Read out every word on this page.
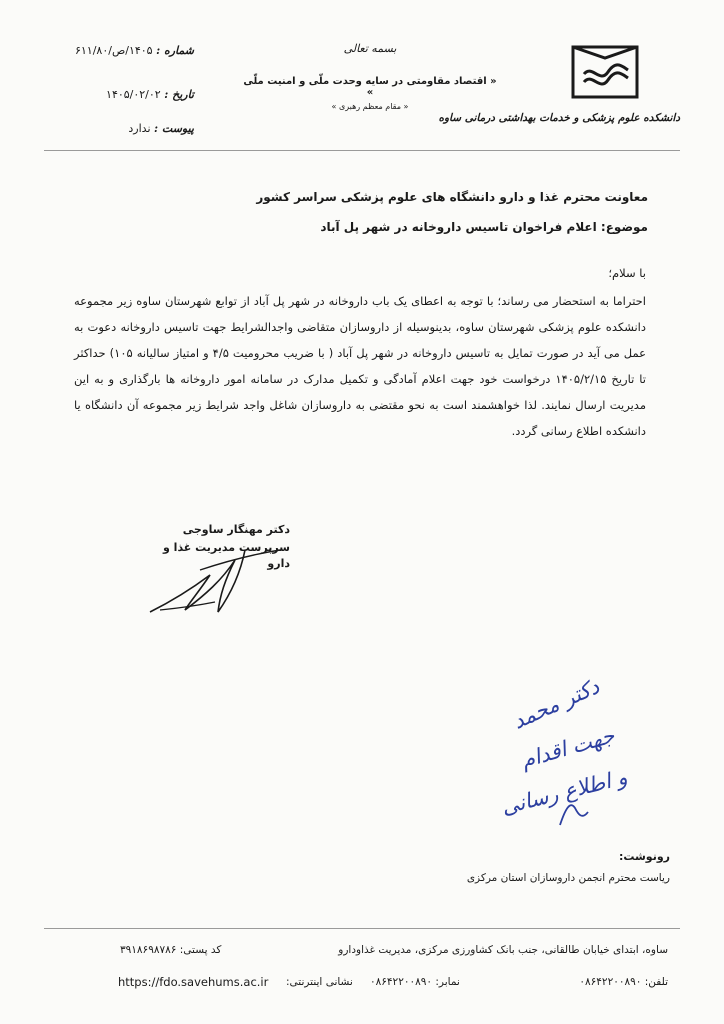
دانشکده علوم پزشکی و خدمات بهداشتی درمانی ساوه
بسمه تعالی
« اقتصاد مقاومتی در سایه وحدت ملّی و امنیت ملّی »
« مقام معظم رهبری »
شماره : ۱۴۰۵/ص/۶۱۱/۸۰
تاریخ : ۱۴۰۵/۰۲/۰۲
پیوست : ندارد
معاونت محترم غذا و دارو دانشگاه های علوم پزشکی سراسر کشور
موضوع: اعلام فراخوان تاسیس داروخانه در شهر پل آباد
با سلام؛
احتراما به استحضار می رساند؛ با توجه به اعطای یک باب داروخانه در شهر پل آباد از توابع شهرستان ساوه زیر مجموعه دانشکده علوم پزشکی شهرستان ساوه، بدینوسیله از داروسازان متقاضی واجدالشرایط جهت تاسیس داروخانه دعوت به عمل می آید در صورت تمایل به تاسیس داروخانه در شهر پل آباد ( با ضریب محرومیت ۴/۵ و امتیاز سالیانه ۱۰۵) حداکثر تا تاریخ ۱۴۰۵/۲/۱۵ درخواست خود جهت اعلام آمادگی و تکمیل مدارک در سامانه امور داروخانه ها بارگذاری و به این مدیریت ارسال نمایند. لذا خواهشمند است به نحو مقتضی به داروسازان شاغل واجد شرایط زیر مجموعه آن دانشگاه یا دانشکده اطلاع رسانی گردد.
دکتر مهنگار ساوجی
سرپرست مدیریت غذا و دارو
دکتر محمد
جهت اقدام
و اطلاع رسانی
رونوشت:
ریاست محترم انجمن داروسازان استان مرکزی
ساوه، ابتدای خیابان طالقانی، جنب بانک کشاورزی مرکزی، مدیریت غذاودارو
کد پستی: ۳۹۱۸۶۹۸۷۸۶
تلفن: ۰۸۶۴۲۲۰۰۸۹۰
نمابر: ۰۸۶۴۲۲۰۰۸۹۰
نشانی اینترنتی:
https://fdo.savehums.ac.ir
